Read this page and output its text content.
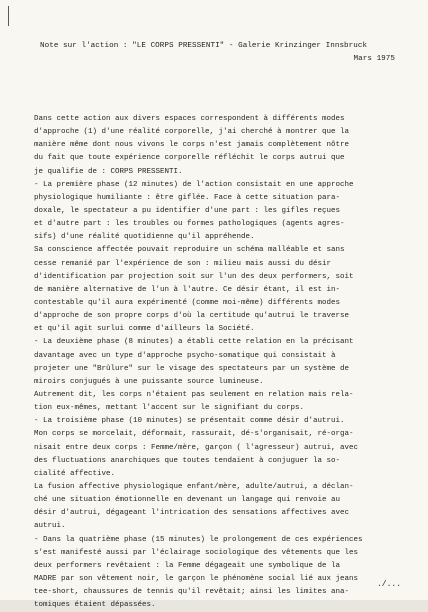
Note sur l'action : "LE CORPS PRESSENTI" - Galerie Krinzinger Innsbruck
Mars 1975
Dans cette action aux divers espaces correspondent à différents modes
d'approche (1) d'une réalité corporelle, j'ai cherché à montrer que la
manière même dont nous vivons le corps n'est jamais complètement nôtre
du fait que toute expérience corporelle réfléchit le corps autrui que
je qualifie de : CORPS PRESSENTI.
- La première phase (12 minutes) de l'action consistait en une approche
physiologique humiliante : être giflée. Face à cette situation para-
doxale, le spectateur a pu identifier d'une part : les gifles reçues
et d'autre part : les troubles ou formes pathologiques (agents agres-
sifs) d'une réalité quotidienne qu'il appréhende.
Sa conscience affectée pouvait reproduire un schéma malléable et sans
cesse remanié par l'expérience de son : milieu mais aussi du désir
d'identification par projection soit sur l'un des deux performers, soit
de manière alternative de l'un à l'autre. Ce désir étant, il est in-
contestable qu'il aura expérimenté (comme moi-même) différents modes
d'approche de son propre corps d'où la certitude qu'autrui le traverse
et qu'il agit surlui comme d'ailleurs la Société.
- La deuxième phase (8 minutes) a établi cette relation en la précisant
davantage avec un type d'approche psycho-somatique qui consistait à
projeter une "Brûlure" sur le visage des spectateurs par un système de
miroirs conjugués à une puissante source lumineuse.
Autrement dit, les corps n'étaient pas seulement en relation mais rela-
tion eux-mêmes, mettant l'accent sur le signifiant du corps.
- La troisième phase (10 minutes) se présentait comme désir d'autrui.
Mon corps se morcelait, déformait, rassurait, dé-s'organisait, ré-orga-
nisait entre deux corps : Femme/mère, garçon ( l'agresseur) autrui, avec
des fluctuations anarchiques que toutes tendaient à conjuguer la so-
cialité affective.
La fusion affective physiologique enfant/mère, adulte/autrui, a déclan-
ché une situation émotionnelle en devenant un langage qui renvoie au
désir d'autrui, dégageant l'intrication des sensations affectives avec
autrui.
- Dans la quatrième phase (15 minutes) le prolongement de ces expériences
s'est manifesté aussi par l'éclairage sociologique des vêtements que les
deux performers revêtaient : la Femme dégageait une symbolique de la
MADRE par son vêtement noir, le garçon le phénomène social lié aux jeans
tee-short, chaussures de tennis qu'il revêtait; ainsi les limites ana-
tomiques étaient dépassées.
./...
